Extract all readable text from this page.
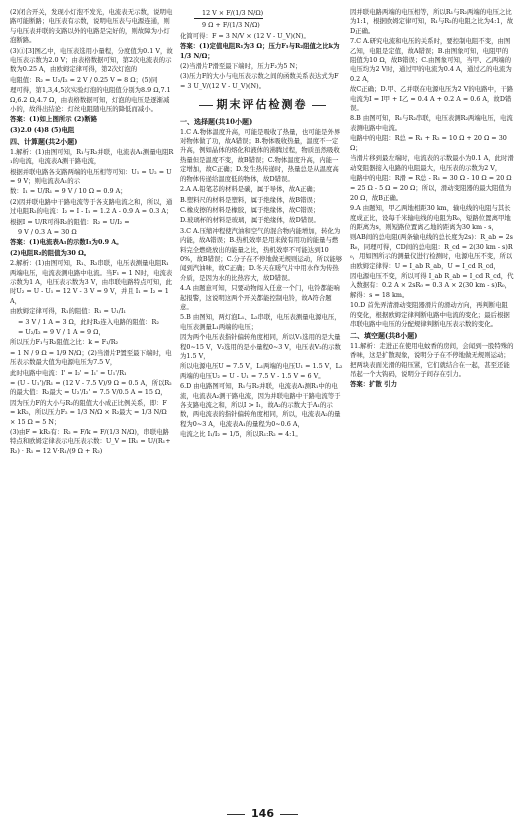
(2)闭合开关，发现小灯泡不发光，电流表无示数，说明电路可能断路；电压表有示数，说明电压表与电源连通，则与电压表并联的支路以外的电路是完好的，则故障为小灯泡断路。

(3)①[3]图乙中，电压表选用小量程，分度值为0.1 V，故电压表示数为2.0 V；由表格数据可知，第2次电流表的示数为0.25 A，由欧姆定律可得，第2次灯泡的

电阻值：R₂ = U₂/I₂ = 2 V / 0.25 V = 8 Ω；(5)同

理可得，第1,3,4,5次实验灯泡的电阻值分别为8.9 Ω,7.1 Ω,6.2 Ω,4.7 Ω，由表格数据可知，灯泡的电压是逐渐减小的，故得出结论：灯丝电阻随电压的降低而减小。

答案：(1)如上图所示 (2)断路

(3)2.0 (4)8 (5)电阻

四、计算题(共2小题)

1.解析：(1)由图可知，R₁与R₂并联，电流表A₁测量电阻R₁的电流，电流表A测干路电流，

根据并联电路各支路两端的电压相等可知：U₁ = U₂ = U = 9 V；则电流表A₁的示

数：I₁ = U/R₁ = 9 V / 10 Ω = 0.9 A；

(2)因并联电路中干路电流等于各支路电流之和，所以，通过电阻R₂的电流：I₂ = I - I₁ = 1.2 A - 0.9 A = 0.3 A；

根据I = U/R可得R₂的阻值：R₂ = U/I₂ =

9 V / 0.3 A = 30 Ω

答案：(1)电流表A₁的示数I₁为0.9 A。

(2)电阻R₂的阻值为30 Ω。

2.解析：(1)由图可知，R₁、R₂串联，电压表测量电阻R₁两端电压，电流表测电路中电流。当F₁ = 1 N时，电流表示数为1 A，电压表示数为3 V，由串联电路特点可知，此时U₂ = U - U₁ = 12 V - 3 V = 9 V，并且 I₁ = I₂ = 1 A，

由欧姆定律可得，R₁的阻值：R₁ = U₁/I₁

= 3 V / 1 A = 3 Ω，此时R₂连入电路的阻值：R₂

= U₂/I₂ = 9 V / 1 A = 9 Ω，

所以压力F₁与R₂阻值之比：k = F₁/R₂

= 1 N / 9 Ω = 1/9 N/Ω；(2)当滑片P置至最下端时，电压表示数最大值为电源电压为7.5 V，

此时电路中电流：I' = I₂' = I₁' = U₁'/R₁

= (U - U₁')/R₁ = (12 V - 7.5 V)/9 Ω = 0.5 A，所以R₂的最大值：R₂最大 = U₂'/I₂' = 7.5 V/0.5 A = 15 Ω，

因为压力F的大小与R₂的阻值大小成正比例关系，即：F = kR₂，所以压力F₂ = 1/3 N/Ω × R₂最大 = 1/3 N/Ω × 15 Ω = 5 N；

(3)由F = kR₂有：R₂ = F/k = F/(1/3 N/Ω)，串联电路特点和欧姆定律表示电压表示数：U_V = IR₁ = U/(R₁+R₂) · R₁ = 12 V·R₁/(9 Ω + R₂)

12 V × F/(1/3 N/Ω)

9 Ω + F/(1/3 N/Ω)

化简可得：F = 3 N/V × (12 V - U_V)(N)。

答案：(1)定值电阻R₁为3 Ω；压力F₁与R₂阻值之比k为1/3 N/Ω；

(2)当滑片P滑至最下端时，压力F₂为5 N；

(3)压力F的大小与电压表示数之间的函数关系表达式为F = 3 U_V/(12 V - U_V)(N)。

期末评估检测卷

一、选择题(共10小题)

1.C A.物体温度升高，可能是吸收了热量，也可能是外界对物体做了功，故A错误；B.物体吸收热量，温度不一定升高，例如晶体的熔化和液体的沸腾过程，物质虽然吸收热量但是温度不变，故B错误；C.物体温度升高，内能一定增加，故C正确；D.发生热传递时，热量总是从温度高的物体传递给温度低的物体，故D错误。

2.A A.铅笔芯的材料是碳，属于导体，故A正确；

B.塑料尺的材料是塑料，属于绝缘体，故B错误；

C.橡皮擦的材料是橡胶，属于绝缘体，故C错误；

D.玻璃杯的材料是玻璃，属于绝缘体，故D错误。

3.C A.压缩冲程使汽油和空气的混合物内能增加，转化为内能，故A错误；B.热机效率是用来做有用功的能量与燃料完全燃烧放出的能量之比，热机效率不可能达到100%，故B错误；C.分子在不停地做无规则运动，所以能够闻到汽油味，故C正确；D.冬天在暖气片中用水作为传热介质，是因为水的比热容大，故D错误。

4.A 由题意可知，只要动物闯入任意一个门，电铃都能响起报警，这说明这两个开关都能控制电铃，故A符合题意。

5.B 由图知，两灯泡L₁、L₂串联，电压表测量电源电压，电压表测量L₁两端的电压；

因为两个电压表指针偏转角度相同，所以V₁选用的是大量程0~15 V，V₂选用的是小量程0~3 V，电压表V₂的示数为1.5 V，

所以电源电压U = 7.5 V，L₁两端的电压U₁ = 1.5 V，L₂两端的电压U₂ = U - U₁ = 7.5 V - 1.5 V = 6 V。

6.D 由电路图可知，R₁与R₂并联，电流表A₁测R₁中的电流，电流表A₂测干路电流，因为并联电路中干路电流等于各支路电流之和，所以I > I₁，故A₂的示数大于A₁的示数，两电流表的指针偏转角度相同，所以，电流表A₂的量程为0~3 A，电流表A₁的量程为0~0.6 A，

电流之比 I₁/I₂ = 1/5，所以R₁:R₂ = 4:1。

因并联电路两端的电压相等，所以R₁与R₂两端的电压之比为1:1，根据欧姆定律可知，R₁与R₂的电阻之比为4:1，故D正确。

7.C A.研究电流和电压的关系时，要控制电阻不变，由图乙知，电阻是定值，故A错误；B.由图象可知，电阻甲的阻值为10 Ω，故B错误；C.由图象可知，当甲、乙两端的电压均为2 V时，通过甲的电流为0.4 A，通过乙的电流为0.2 A，

故C正确；D.甲、乙并联在电源电压为2 V的电路中，干路电流为I = I甲 + I乙 = 0.4 A + 0.2 A = 0.6 A，故D错误。

8.B 由图可知，R₁与R₂串联，电压表测R₂两端电压，电流表测电路中电流。

电路中的电阻：R总 = R₁ + R₂ = 10 Ω + 20 Ω = 30 Ω；

当滑片移到最左端时，电流表的示数最小为0.1 A，此时滑动变阻器接入电路的电阻最大，电压表的示数为2 V，

电路中的电阻：R滑 = R总 - R₁ = 30 Ω - 10 Ω = 20 Ω

= 25 Ω - 5 Ω = 20 Ω；所以，滑动变阻器的最大阻值为20 Ω，故B正确。

9.A 由题知，甲乙两地相距30 km，输电线的电阻与其长度成正比，设每千米输电线的电阻为R₀，短路位置离甲地的距离为s，则短路位置离乙地的距离为30 km - s，

则AB间的总电阻(两条输电线的总长度为2s)：R_ab = 2sR₀，同理可得，CD间的总电阻：R_cd = 2(30 km - s)R₀，用如图所示的测量仪进行检测时，电源电压不变，所以由欧姆定律得：U = I_ab R_ab，U = I_cd R_cd，

因电源电压不变，所以可得 I_ab R_ab = I_cd R_cd，代入数据有：0.2 A × 2sR₀ = 0.3 A × 2(30 km - s)R₀，解得：s = 18 km。

10.D 首先弄清滑动变阻器滑片的滑动方向，再判断电阻的变化，根据欧姆定律判断电路中电流的变化；最后根据串联电路中电压的分配规律判断电压表示数的变化。

二、填空题(共8小题)

11.解析：走进正在使用电蚊香的房间，会闻到一股特殊的香味，这是扩散现象，说明分子在不停地做无规则运动；把两块表面光滑的铅压紧，它们就结合在一起，甚至还能吊起一个大钩码，说明分子间存在引力。

答案：扩散 引力

146
